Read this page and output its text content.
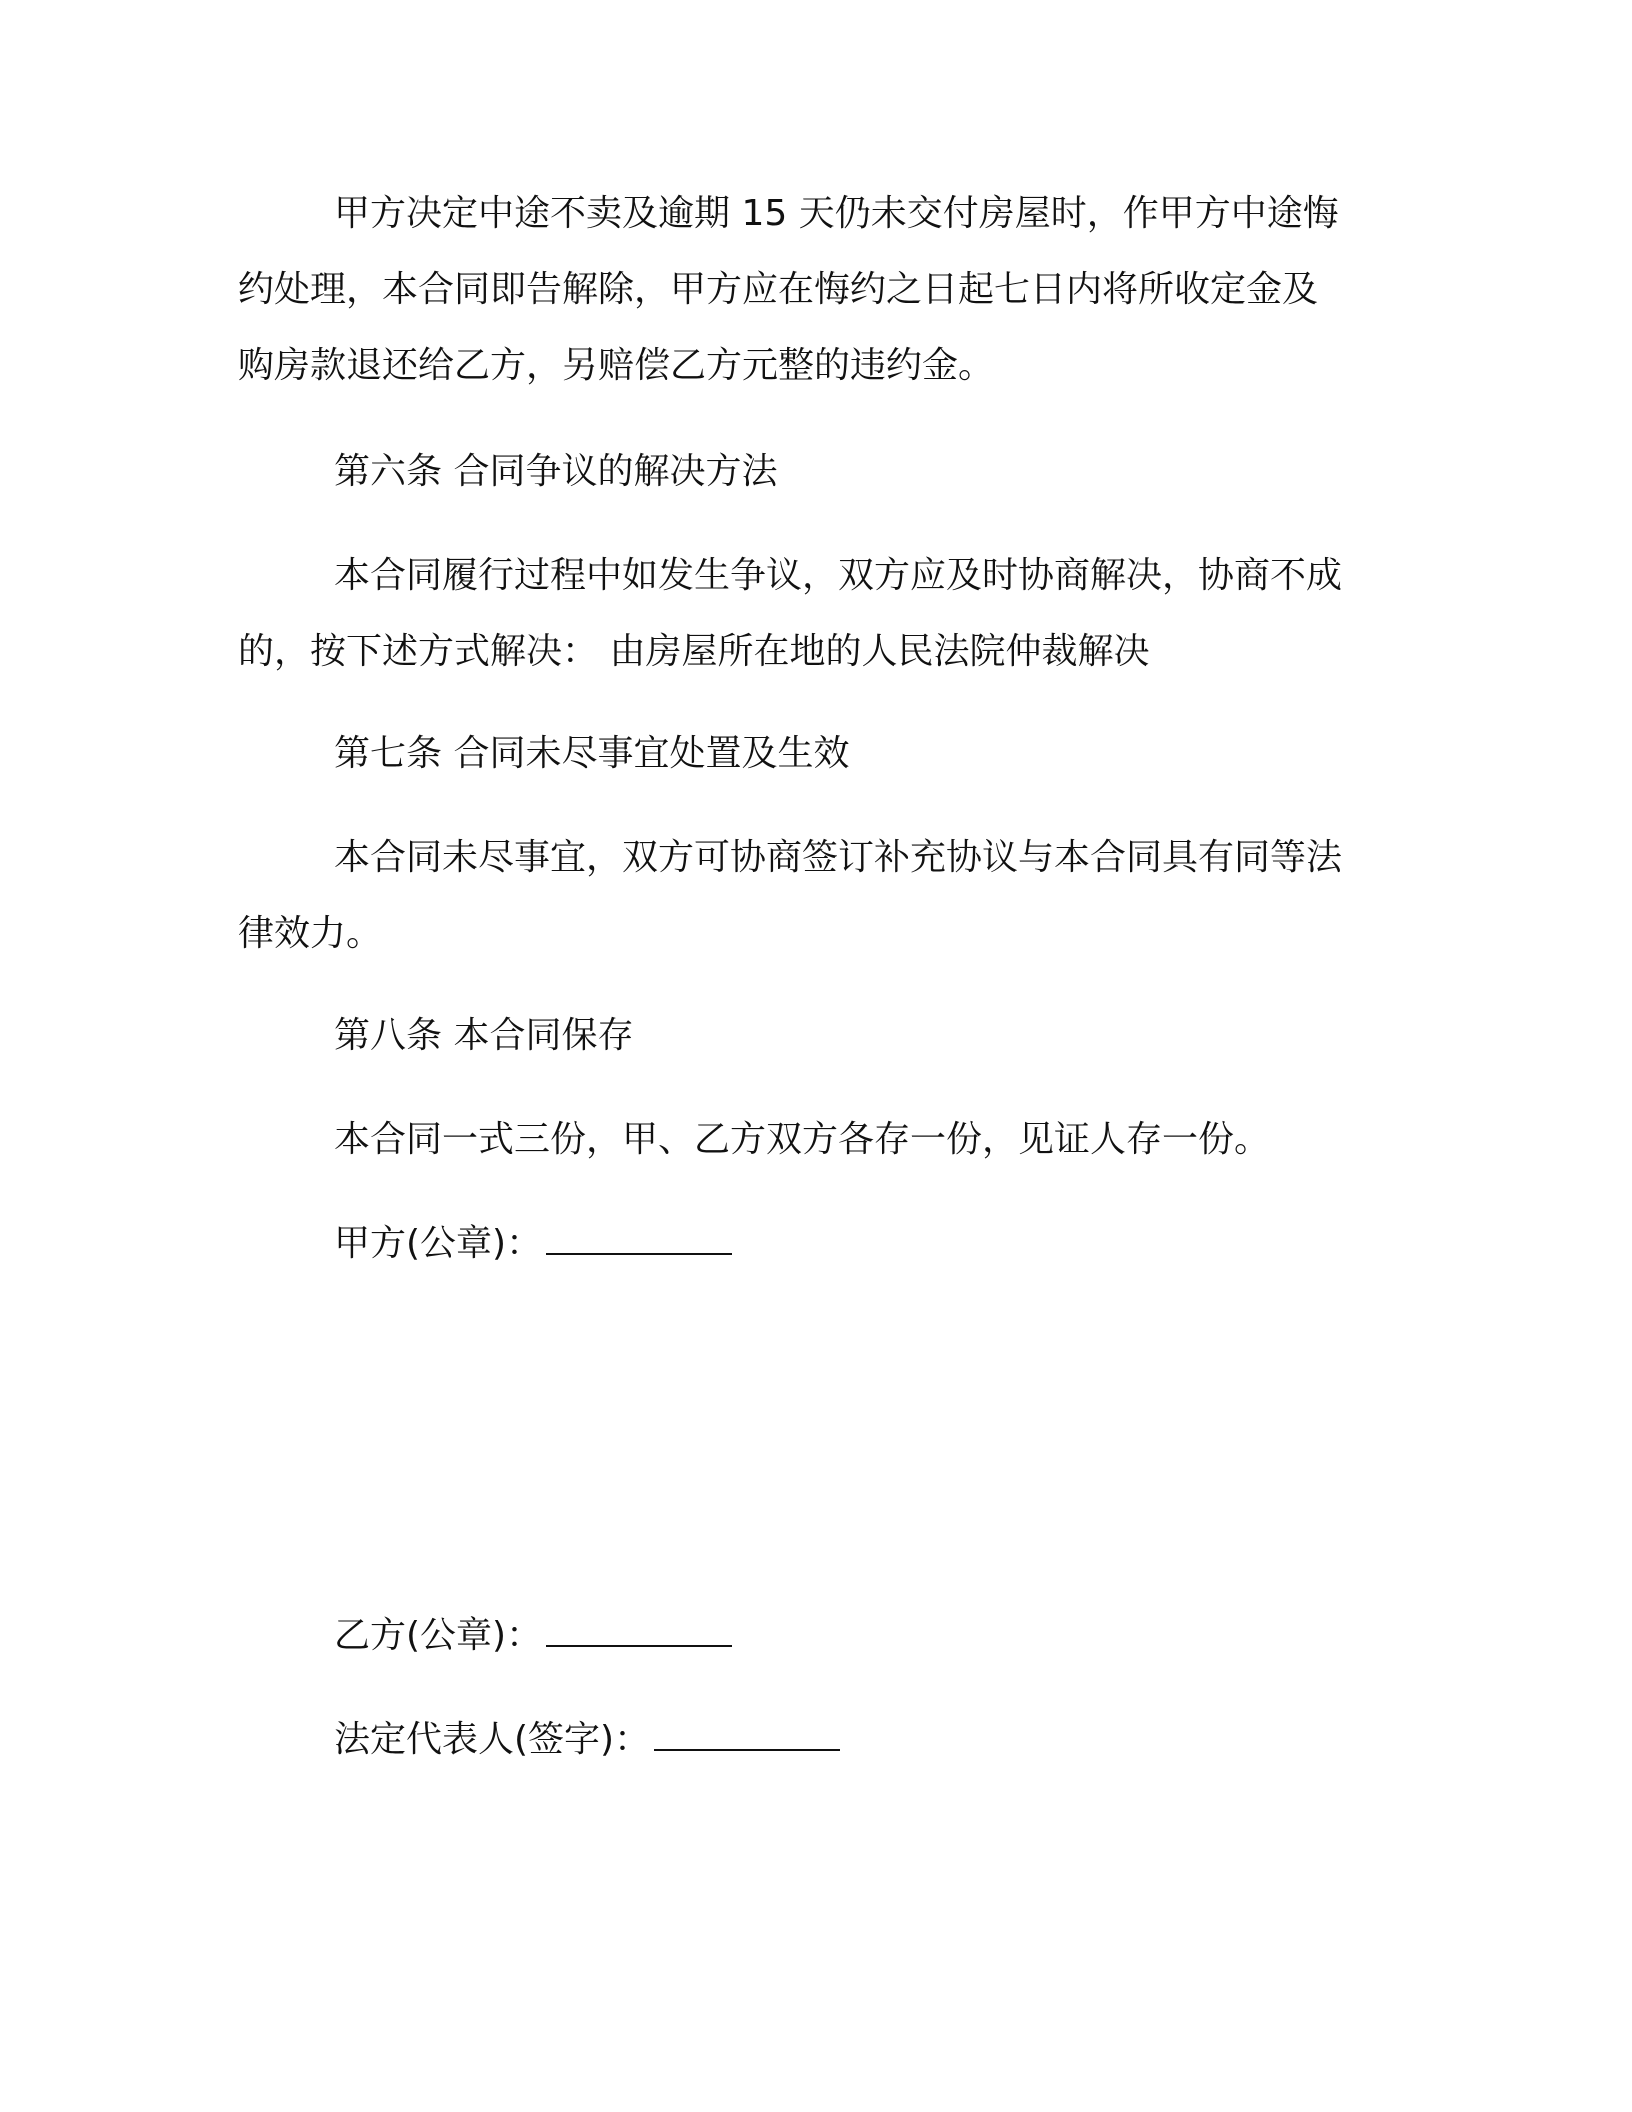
甲方决定中途不卖及逾期 15 天仍未交付房屋时，作甲方中途悔
约处理，本合同即告解除，甲方应在悔约之日起七日内将所收定金及
购房款退还给乙方，另赔偿乙方元整的违约金。
第六条 合同争议的解决方法
本合同履行过程中如发生争议，双方应及时协商解决，协商不成
的，按下述方式解决： 由房屋所在地的人民法院仲裁解决
第七条 合同未尽事宜处置及生效
本合同未尽事宜，双方可协商签订补充协议与本合同具有同等法
律效力。
第八条 本合同保存
本合同一式三份，甲、乙方双方各存一份，见证人存一份。
甲方(公章)：
乙方(公章)：
法定代表人(签字)：
